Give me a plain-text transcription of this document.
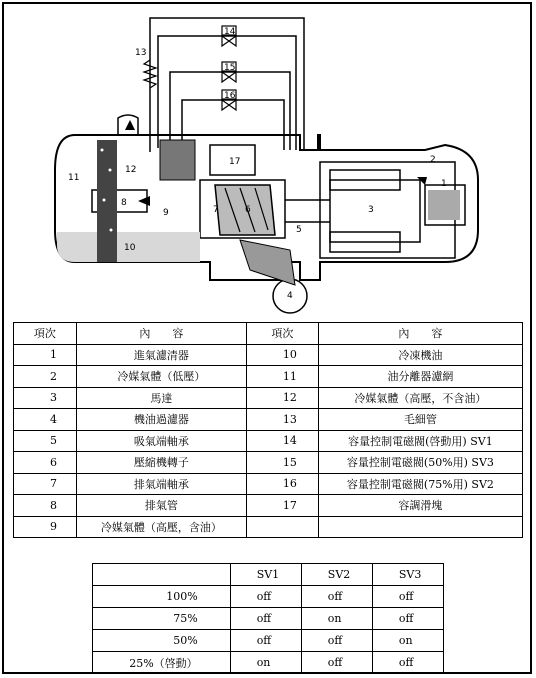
1
2
3
4
5
6
7
8
9
10
11
12
13
14
15
16
17
項次	內　　容	項次	內　　容
1	進氣濾清器	10	冷凍機油
2	冷媒氣體（低壓）	11	油分離器濾網
3	馬達	12	冷媒氣體（高壓，不含油）
4	機油過濾器	13	毛細管
5	吸氣端軸承	14	容量控制電磁閥(啓動用) SV1
6	壓縮機轉子	15	容量控制電磁閥(50%用) SV3
7	排氣端軸承	16	容量控制電磁閥(75%用) SV2
8	排氣管	17	容調滑塊
9	冷媒氣體（高壓，含油）		
	SV1	SV2	SV3
100%	off	off	off
75%	off	on	off
50%	off	off	on
25%（啓動）	on	off	off
